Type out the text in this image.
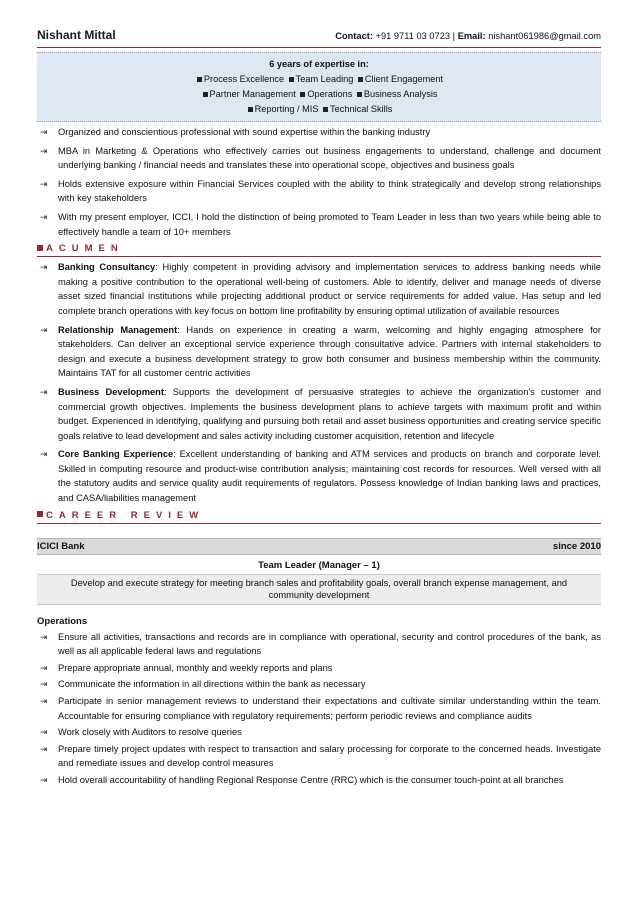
Nishant Mittal	Contact: +91 9711 03 0723 | Email: nishant061986@gmail.com
6 years of expertise in:
Process Excellence Team Leading Client Engagement
Partner Management Operations Business Analysis
Reporting / MIS Technical Skills
⇥ Organized and conscientious professional with sound expertise within the banking industry
⇥ MBA in Marketing & Operations who effectively carries out business engagements to understand, challenge and document underlying banking / financial needs and translates these into operational scope, objectives and business goals
⇥ Holds extensive exposure within Financial Services coupled with the ability to think strategically and develop strong relationships with key stakeholders
⇥ With my present employer, ICCI, I hold the distinction of being promoted to Team Leader in less than two years while being able to effectively handle a team of 10+ members
ACUMEN
⇥ Banking Consultancy: Highly competent in providing advisory and implementation services to address banking needs while making a positive contribution to the operational well-being of customers. Able to identify, deliver and manage needs of diverse asset sized financial institutions while projecting additional product or service requirements for added value. Has setup and led complete branch operations with key focus on bottom line profitability by ensuring optimal utilization of available resources
⇥ Relationship Management: Hands on experience in creating a warm, welcoming and highly engaging atmosphere for stakeholders. Can deliver an exceptional service experience through consultative advice. Partners with internal stakeholders to design and execute a business development strategy to grow both consumer and business membership within the community. Maintains TAT for all customer centric activities
⇥ Business Development: Supports the development of persuasive strategies to achieve the organization's customer and commercial growth objectives. Implements the business development plans to achieve targets with maximum profit and within budget. Experienced in identifying, qualifying and pursuing both retail and asset business opportunities and creating service specific goals relative to lead development and sales activity including customer acquisition, retention and lifecycle
⇥ Core Banking Experience: Excellent understanding of banking and ATM services and products on branch and corporate level. Skilled in computing resource and product-wise contribution analysis; maintaining cost records for resources. Well versed with all the statutory audits and service quality audit requirements of regulators. Possess knowledge of Indian banking laws and practices, and CASA/liabilities management
CAREER REVIEW
ICICI Bank	since 2010
Team Leader (Manager – 1)
Develop and execute strategy for meeting branch sales and profitability goals, overall branch expense management, and community development
Operations
⇥ Ensure all activities, transactions and records are in compliance with operational, security and control procedures of the bank, as well as all applicable federal laws and regulations
⇥ Prepare appropriate annual, monthly and weekly reports and plans
⇥ Communicate the information in all directions within the bank as necessary
⇥ Participate in senior management reviews to understand their expectations and cultivate similar understanding within the team. Accountable for ensuring compliance with regulatory requirements; perform periodic reviews and compliance audits
⇥ Work closely with Auditors to resolve queries
⇥ Prepare timely project updates with respect to transaction and salary processing for corporate to the concerned heads. Investigate and remediate issues and develop control measures
⇥ Hold overall accountability of handling Regional Response Centre (RRC) which is the consumer touch-point at all branches
